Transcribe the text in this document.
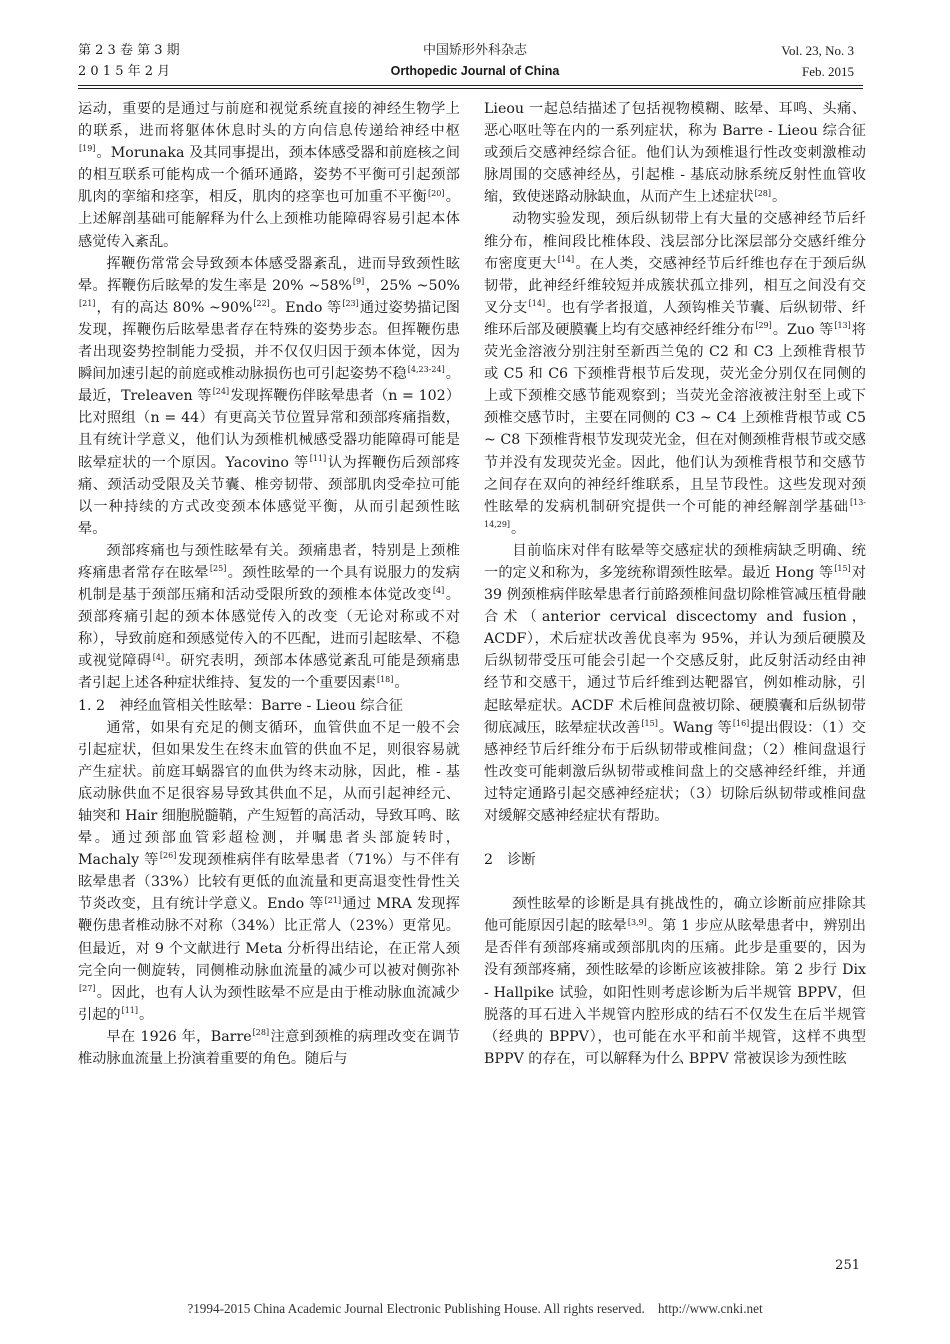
第 2 3 卷 第 3 期
2 0 1 5 年 2 月
中国矫形外科杂志
Orthopedic Journal of China
Vol. 23, No. 3
Feb. 2015

运动，重要的是通过与前庭和视觉系统直接的神经生物学上的联系，进而将躯体休息时头的方向信息传递给神经中枢[19]。Morunaka 及其同事提出，颈本体感受器和前庭核之间的相互联系可能构成一个循环通路，姿势不平衡可引起颈部肌肉的挛缩和痉挛，相反，肌肉的痉挛也可加重不平衡[20]。上述解剖基础可能解释为什么上颈椎功能障碍容易引起本体感觉传入紊乱。

挥鞭伤常常会导致颈本体感受器紊乱，进而导致颈性眩晕。挥鞭伤后眩晕的发生率是 20% ~58%[9]，25% ~50%[21]，有的高达 80% ~90%[22]。Endo 等[23]通过姿势描记图发现，挥鞭伤后眩晕患者存在特殊的姿势步态。但挥鞭伤患者出现姿势控制能力受损，并不仅仅归因于颈本体觉，因为瞬间加速引起的前庭或椎动脉损伤也可引起姿势不稳[4,23-24]。最近，Treleaven 等[24]发现挥鞭伤伴眩晕患者（n = 102）比对照组（n = 44）有更高关节位置异常和颈部疼痛指数，且有统计学意义，他们认为颈椎机械感受器功能障碍可能是眩晕症状的一个原因。Yacovino 等[11]认为挥鞭伤后颈部疼痛、颈活动受限及关节囊、椎旁韧带、颈部肌肉受牵拉可能以一种持续的方式改变颈本体感觉平衡，从而引起颈性眩晕。

颈部疼痛也与颈性眩晕有关。颈痛患者，特别是上颈椎疼痛患者常存在眩晕[25]。颈性眩晕的一个具有说服力的发病机制是基于颈部压痛和活动受限所致的颈椎本体觉改变[4]。颈部疼痛引起的颈本体感觉传入的改变（无论对称或不对称），导致前庭和颈感觉传入的不匹配，进而引起眩晕、不稳或视觉障碍[4]。研究表明，颈部本体感觉紊乱可能是颈痛患者引起上述各种症状维持、复发的一个重要因素[18]。

1. 2　神经血管相关性眩晕：Barre - Lieou 综合征

通常，如果有充足的侧支循环，血管供血不足一般不会引起症状，但如果发生在终末血管的供血不足，则很容易就产生症状。前庭耳蜗器官的血供为终末动脉，因此，椎 - 基底动脉供血不足很容易导致其供血不足，从而引起神经元、轴突和 Hair 细胞脱髓鞘，产生短暂的高活动，导致耳鸣、眩晕。通过颈部血管彩超检测，并嘱患者头部旋转时，Machaly 等[26]发现颈椎病伴有眩晕患者（71%）与不伴有眩晕患者（33%）比较有更低的血流量和更高退变性骨性关节炎改变，且有统计学意义。Endo 等[21]通过 MRA 发现挥鞭伤患者椎动脉不对称（34%）比正常人（23%）更常见。但最近，对 9 个文献进行 Meta 分析得出结论，在正常人颈完全向一侧旋转，同侧椎动脉血流量的减少可以被对侧弥补[27]。因此，也有人认为颈性眩晕不应是由于椎动脉血流减少引起的[11]。

早在 1926 年，Barre[28]注意到颈椎的病理改变在调节椎动脉血流量上扮演着重要的角色。随后与

Lieou 一起总结描述了包括视物模糊、眩晕、耳鸣、头痛、恶心呕吐等在内的一系列症状，称为 Barre - Lieou 综合征或颈后交感神经综合征。他们认为颈椎退行性改变刺激椎动脉周围的交感神经丛，引起椎 - 基底动脉系统反射性血管收缩，致使迷路动脉缺血，从而产生上述症状[28]。

动物实验发现，颈后纵韧带上有大量的交感神经节后纤维分布，椎间段比椎体段、浅层部分比深层部分交感纤维分布密度更大[14]。在人类，交感神经节后纤维也存在于颈后纵韧带，此神经纤维较短并成簇状孤立排列，相互之间没有交叉分支[14]。也有学者报道，人颈钩椎关节囊、后纵韧带、纤维环后部及硬膜囊上均有交感神经纤维分布[29]。Zuo 等[13]将荧光金溶液分别注射至新西兰兔的 C2 和 C3 上颈椎背根节或 C5 和 C6 下颈椎背根节后发现，荧光金分别仅在同侧的上或下颈椎交感节能观察到；当荧光金溶液被注射至上或下颈椎交感节时，主要在同侧的 C3 ~ C4 上颈椎背根节或 C5 ~ C8 下颈椎背根节发现荧光金，但在对侧颈椎背根节或交感节并没有发现荧光金。因此，他们认为颈椎背根节和交感节之间存在双向的神经纤维联系，且呈节段性。这些发现对颈性眩晕的发病机制研究提供一个可能的神经解剖学基础[13-14,29]。

目前临床对伴有眩晕等交感症状的颈椎病缺乏明确、统一的定义和称为，多笼统称谓颈性眩晕。最近 Hong 等[15]对 39 例颈椎病伴眩晕患者行前路颈椎间盘切除椎管减压植骨融合术（anterior cervical discectomy and fusion，ACDF），术后症状改善优良率为 95%，并认为颈后硬膜及后纵韧带受压可能会引起一个交感反射，此反射活动经由神经节和交感干，通过节后纤维到达靶器官，例如椎动脉，引起眩晕症状。ACDF 术后椎间盘被切除、硬膜囊和后纵韧带彻底减压，眩晕症状改善[15]。Wang 等[16]提出假设：（1）交感神经节后纤维分布于后纵韧带或椎间盘；（2）椎间盘退行性改变可能刺激后纵韧带或椎间盘上的交感神经纤维，并通过特定通路引起交感神经症状；（3）切除后纵韧带或椎间盘对缓解交感神经症状有帮助。

2　诊断

颈性眩晕的诊断是具有挑战性的，确立诊断前应排除其他可能原因引起的眩晕[3,9]。第 1 步应从眩晕患者中，辨别出是否伴有颈部疼痛或颈部肌肉的压痛。此步是重要的，因为没有颈部疼痛，颈性眩晕的诊断应该被排除。第 2 步行 Dix - Hallpike 试验，如阳性则考虑诊断为后半规管 BPPV，但脱落的耳石进入半规管内腔形成的结石不仅发生在后半规管（经典的 BPPV），也可能在水平和前半规管，这样不典型 BPPV 的存在，可以解释为什么 BPPV 常被误诊为颈性眩

251
?1994-2015 China Academic Journal Electronic Publishing House. All rights reserved.　http://www.cnki.net
